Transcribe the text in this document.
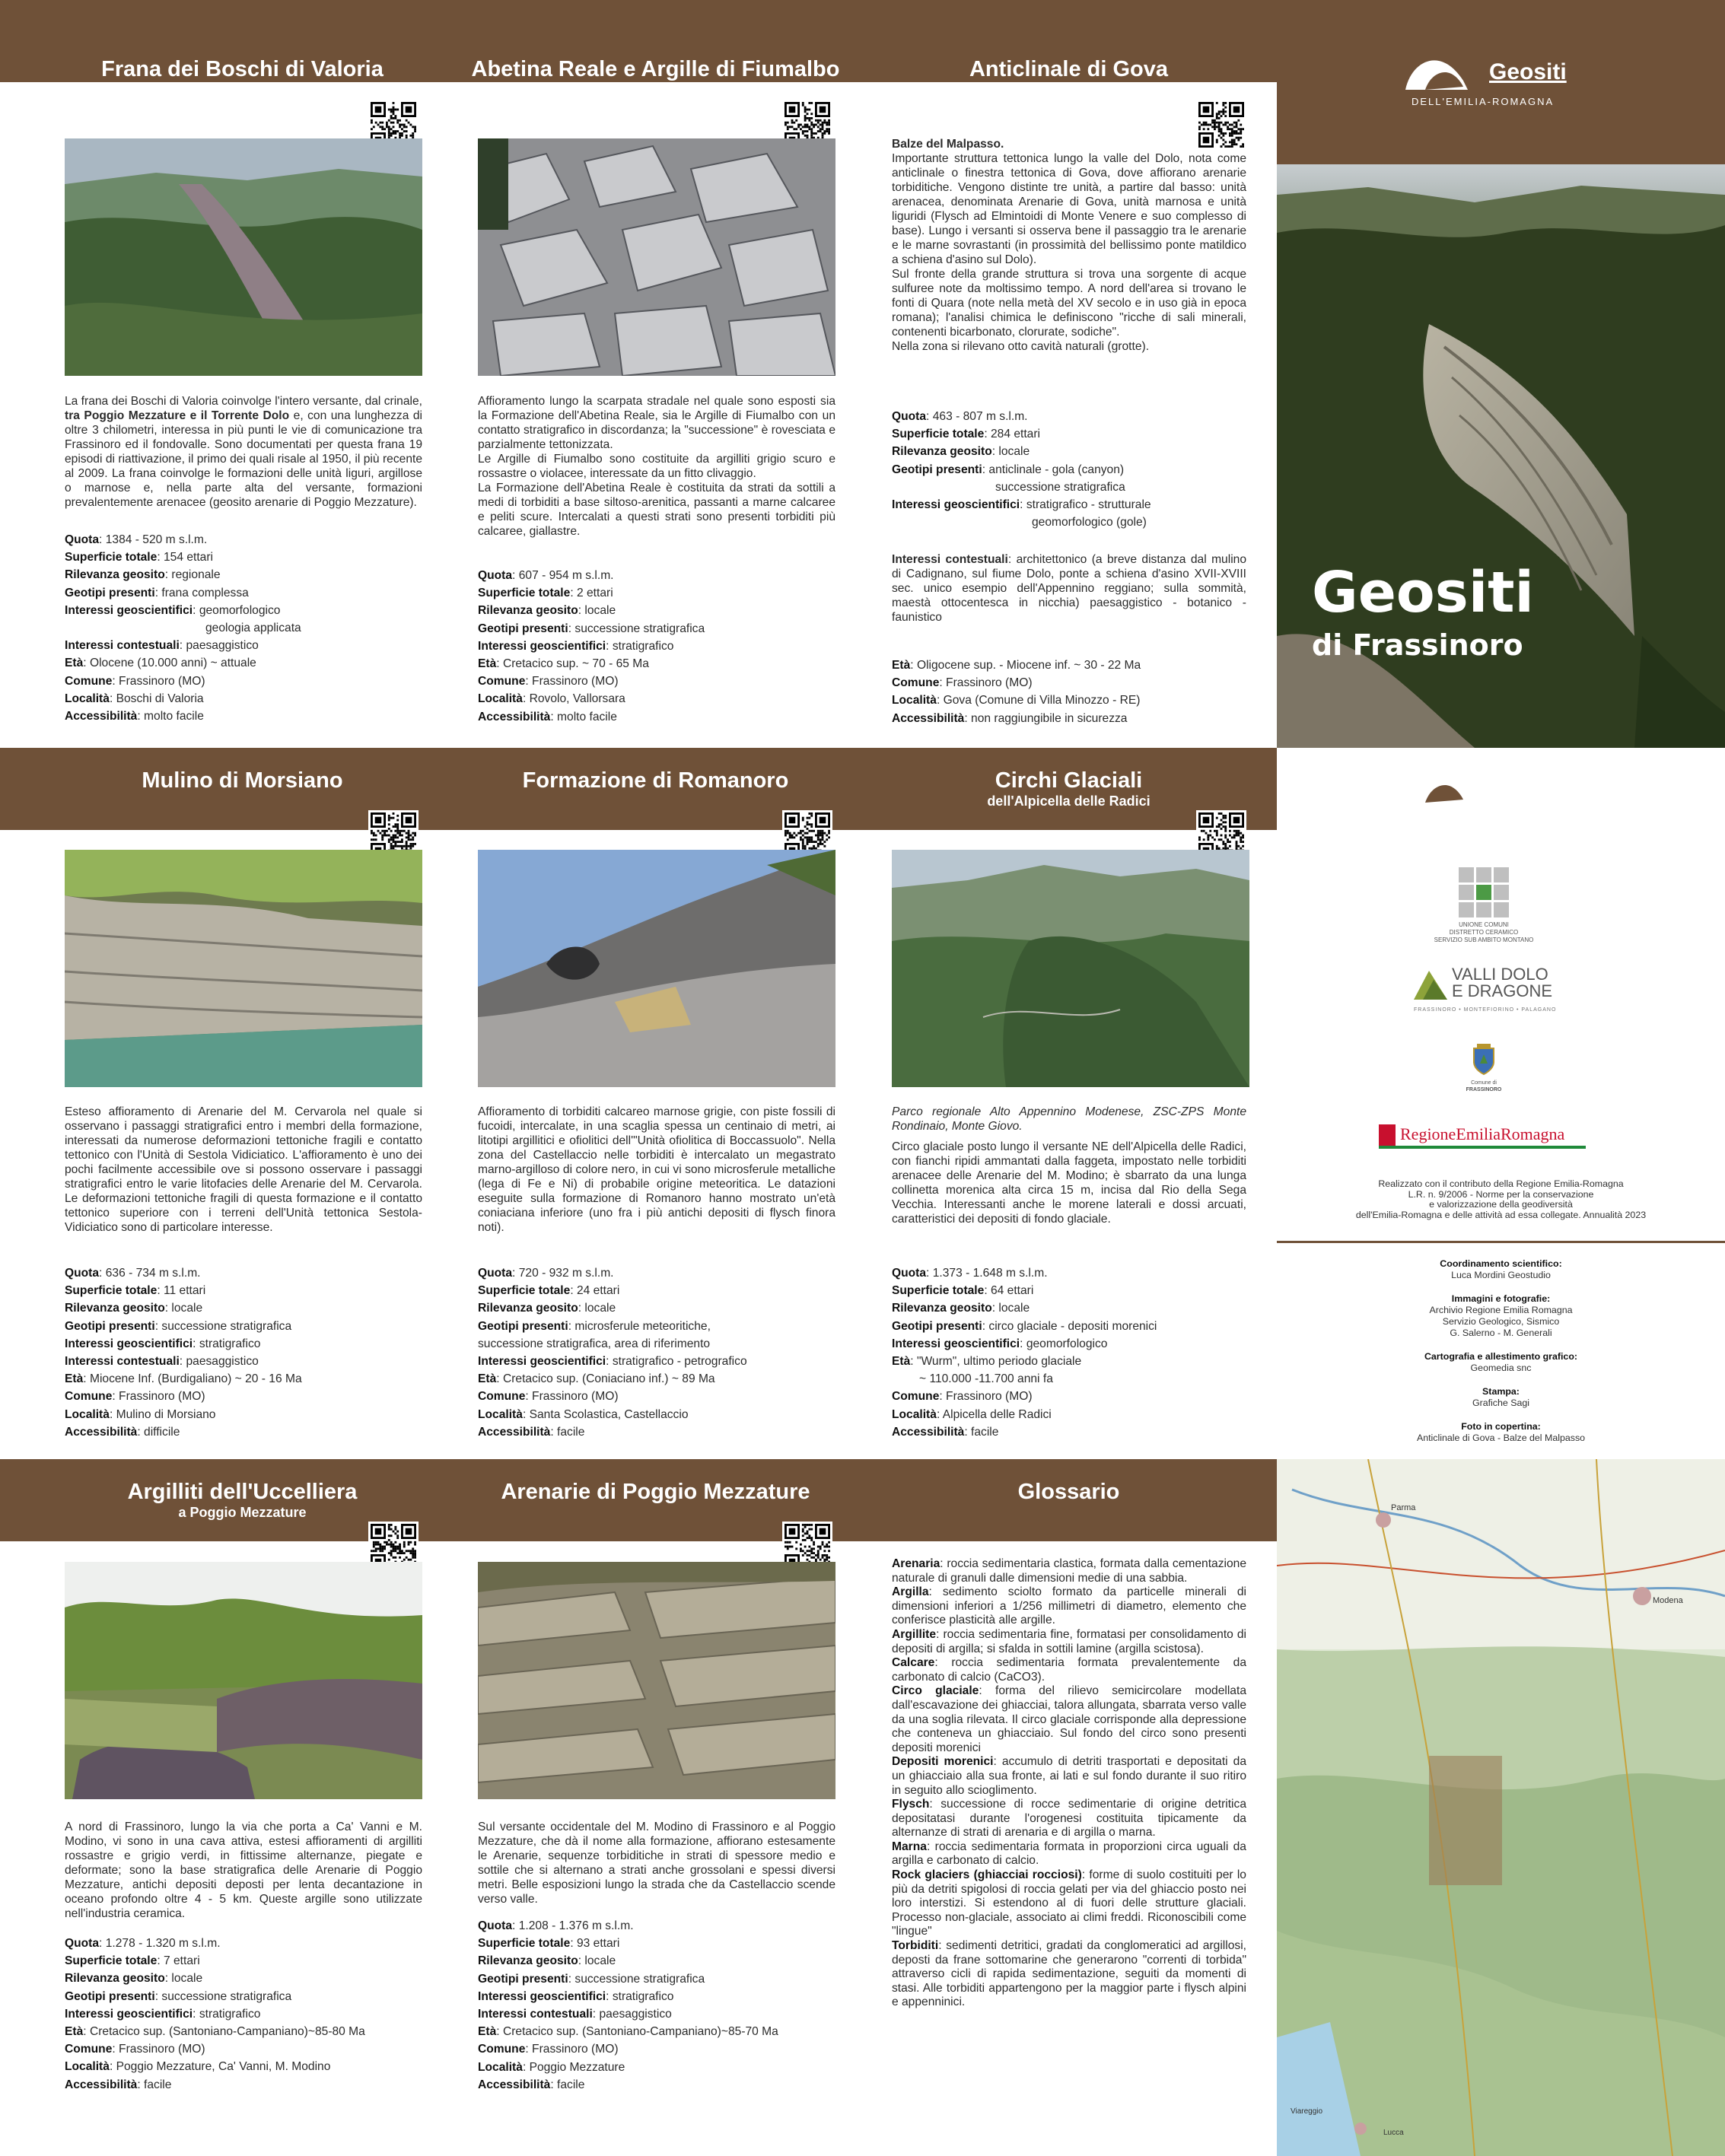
Geositi
DELL'EMILIA-ROMAGNA
Geositi
di Frassinoro
Geositi
DELL'EMILIA-ROMAGNA
UNIONE COMUNI
DISTRETTO CERAMICO
SERVIZIO SUB AMBITO MONTANO
VALLI DOLO
E DRAGONE
FRASSINORO • MONTEFIORINO • PALAGANO
Comune di
FRASSINORO
RegioneEmiliaRomagna
Realizzato con il contributo della Regione Emilia-Romagna
L.R. n. 9/2006 - Norme per la conservazione
e valorizzazione della geodiversità
dell'Emilia-Romagna e delle attività ad essa collegate. Annualità 2023
Coordinamento scientifico:
Luca Mordini Geostudio
Immagini e fotografie:
Archivio Regione Emilia Romagna
Servizio Geologico, Sismico
G. Salerno - M. Generali
Cartografia e allestimento grafico:
Geomedia snc
Stampa:
Grafiche Sagi
Foto in copertina:
Anticlinale di Gova - Balze del Malpasso
Parma
Modena
Viareggio
Lucca
Frana dei Boschi di Valoria	Abetina Reale e Argille di Fiumalbo
Tra Rovolo e Vallorsara
Anticlinale di Gova
Mulino di Morsiano	Formazione di Romanoro	Circhi Glaciali
dell'Alpicella delle Radici
Argilliti dell'Uccelliera
a Poggio Mezzature
Arenarie di Poggio Mezzature	Glossario

La frana dei Boschi di Valoria coinvolge l'intero versante, dal crinale, tra Poggio Mezzature e il Torrente Dolo e, con una lunghezza di oltre 3 chilometri, interessa in più punti le vie di comunicazione tra Frassinoro ed il fondovalle. Sono documentati per questa frana 19 episodi di riattivazione, il primo dei quali risale al 1950, il più recente al 2009. La frana coinvolge le formazioni delle unità liguri, argillose o marnose e, nella parte alta del versante, formazioni prevalentemente arenacee (geosito arenarie di Poggio Mezzature).

Quota: 1384 - 520 m s.l.m.
Superficie totale: 154 ettari
Rilevanza geosito: regionale
Geotipi presenti: frana complessa
Interessi geoscientifici: geomorfologico
geologia applicata
Interessi contestuali: paesaggistico
Età: Olocene (10.000 anni) ~ attuale
Comune: Frassinoro (MO)
Località: Boschi di Valoria
Accessibilità: molto facile

Affioramento lungo la scarpata stradale nel quale sono esposti sia la Formazione dell'Abetina Reale, sia le Argille di Fiumalbo con un contatto stratigrafico in discordanza; la "successione" è rovesciata e parzialmente tettonizzata.

Le Argille di Fiumalbo sono costituite da argilliti grigio scuro e rossastre o violacee, interessate da un fitto clivaggio.

La Formazione dell'Abetina Reale è costituita da strati da sottili a medi di torbiditi a base siltoso-arenitica, passanti a marne calcaree e peliti scure. Intercalati a questi strati sono presenti torbiditi più calcaree, giallastre.

Quota: 607 - 954 m s.l.m.
Superficie totale: 2 ettari
Rilevanza geosito: locale
Geotipi presenti: successione stratigrafica
Interessi geoscientifici: stratigrafico
Età: Cretacico sup. ~ 70 - 65 Ma
Comune: Frassinoro (MO)
Località: Rovolo, Vallorsara
Accessibilità: molto facile

Balze del Malpasso.

Importante struttura tettonica lungo la valle del Dolo, nota come anticlinale o finestra tettonica di Gova, dove affiorano arenarie torbiditiche. Vengono distinte tre unità, a partire dal basso: unità arenacea, denominata Arenarie di Gova, unità marnosa e unità liguridi (Flysch ad Elmintoidi di Monte Venere e suo complesso di base). Lungo i versanti si osserva bene il passaggio tra le arenarie e le marne sovrastanti (in prossimità del bellissimo ponte matildico a schiena d'asino sul Dolo).

Sul fronte della grande struttura si trova una sorgente di acque sulfuree note da moltissimo tempo. A nord dell'area si trovano le fonti di Quara (note nella metà del XV secolo e in uso già in epoca romana); l'analisi chimica le definiscono "ricche di sali minerali, contenenti bicarbonato, clorurate, sodiche".

Nella zona si rilevano otto cavità naturali (grotte).

Quota: 463 - 807 m s.l.m.
Superficie totale: 284 ettari
Rilevanza geosito: locale
Geotipi presenti: anticlinale - gola (canyon)
successione stratigrafica
Interessi geoscientifici: stratigrafico - strutturale
geomorfologico (gole)

Interessi contestuali: architettonico (a breve distanza dal mulino di Cadignano, sul fiume Dolo, ponte a schiena d'asino XVII-XVIII sec. unico esempio dell'Appennino reggiano; sulla sommità, maestà ottocentesca in nicchia) paesaggistico - botanico - faunistico

Età: Oligocene sup. - Miocene inf. ~ 30 - 22 Ma
Comune: Frassinoro (MO)
Località: Gova (Comune di Villa Minozzo - RE)
Accessibilità: non raggiungibile in sicurezza

Esteso affioramento di Arenarie del M. Cervarola nel quale si osservano i passaggi stratigrafici entro i membri della formazione, interessati da numerose deformazioni tettoniche fragili e contatto tettonico con l'Unità di Sestola Vidiciatico. L'affioramento è uno dei pochi facilmente accessibile ove si possono osservare i passaggi stratigrafici entro le varie litofacies delle Arenarie del M. Cervarola. Le deformazioni tettoniche fragili di questa formazione e il contatto tettonico superiore con i terreni dell'Unità tettonica Sestola-Vidiciatico sono di particolare interesse.

Quota: 636 - 734 m s.l.m.
Superficie totale: 11 ettari
Rilevanza geosito: locale
Geotipi presenti: successione stratigrafica
Interessi geoscientifici: stratigrafico
Interessi contestuali: paesaggistico
Età: Miocene Inf. (Burdigaliano) ~ 20 - 16 Ma
Comune: Frassinoro (MO)
Località: Mulino di Morsiano
Accessibilità: difficile

Affioramento di torbiditi calcareo marnose grigie, con piste fossili di fucoidi, intercalate, in una scaglia spessa un centinaio di metri, ai litotipi argillitici e ofiolitici dell'"Unità ofiolitica di Boccassuolo". Nella zona del Castellaccio nelle torbiditi è intercalato un megastrato marno-argilloso di colore nero, in cui vi sono microsferule metalliche (lega di Fe e Ni) di probabile origine meteoritica. Le datazioni eseguite sulla formazione di Romanoro hanno mostrato un'età coniaciana inferiore (uno fra i più antichi depositi di flysch finora noti).

Quota: 720 - 932 m s.l.m.
Superficie totale: 24 ettari
Rilevanza geosito: locale
Geotipi presenti: microsferule meteoritiche,
successione stratigrafica, area di riferimento
Interessi geoscientifici: stratigrafico - petrografico
Età: Cretacico sup. (Coniaciano inf.) ~ 89 Ma
Comune: Frassinoro (MO)
Località: Santa Scolastica, Castellaccio
Accessibilità: facile

Parco regionale Alto Appennino Modenese, ZSC-ZPS Monte Rondinaio, Monte Giovo.

Circo glaciale posto lungo il versante NE dell'Alpicella delle Radici, con fianchi ripidi ammantati dalla faggeta, impostato nelle torbiditi arenacee delle Arenarie del M. Modino; è sbarrato da una lunga collinetta morenica alta circa 15 m, incisa dal Rio della Sega Vecchia. Interessanti anche le morene laterali e dossi arcuati, caratteristici dei depositi di fondo glaciale.

Quota: 1.373 - 1.648 m s.l.m.
Superficie totale: 64 ettari
Rilevanza geosito: locale
Geotipi presenti: circo glaciale - depositi morenici
Interessi geoscientifici: geomorfologico
Età: "Wurm", ultimo periodo glaciale
~ 110.000 -11.700 anni fa
Comune: Frassinoro (MO)
Località: Alpicella delle Radici
Accessibilità: facile

A nord di Frassinoro, lungo la via che porta a Ca' Vanni e M. Modino, vi sono in una cava attiva, estesi affioramenti di argilliti rossastre e grigio verdi, in fittissime alternanze, piegate e deformate; sono la base stratigrafica delle Arenarie di Poggio Mezzature, antichi depositi deposti per lenta decantazione in oceano profondo oltre 4 - 5 km. Queste argille sono utilizzate nell'industria ceramica.

Quota: 1.278 - 1.320 m s.l.m.
Superficie totale: 7 ettari
Rilevanza geosito: locale
Geotipi presenti: successione stratigrafica
Interessi geoscientifici: stratigrafico
Età: Cretacico sup. (Santoniano-Campaniano)~85-80 Ma
Comune: Frassinoro (MO)
Località: Poggio Mezzature, Ca' Vanni, M. Modino
Accessibilità: facile

Sul versante occidentale del M. Modino di Frassinoro e al Poggio Mezzature, che dà il nome alla formazione, affiorano estesamente le Arenarie, sequenze torbiditiche in strati di spessore medio e sottile che si alternano a strati anche grossolani e spessi diversi metri. Belle esposizioni lungo la strada che da Castellaccio scende verso valle.

Quota: 1.208 - 1.376 m s.l.m.
Superficie totale: 93 ettari
Rilevanza geosito: locale
Geotipi presenti: successione stratigrafica
Interessi geoscientifici: stratigrafico
Interessi contestuali: paesaggistico
Età: Cretacico sup. (Santoniano-Campaniano)~85-70 Ma
Comune: Frassinoro (MO)
Località: Poggio Mezzature
Accessibilità: facile

Arenaria: roccia sedimentaria clastica, formata dalla cementazione naturale di granuli dalle dimensioni medie di una sabbia.

Argilla: sedimento sciolto formato da particelle minerali di dimensioni inferiori a 1/256 millimetri di diametro, elemento che conferisce plasticità alle argille.

Argillite: roccia sedimentaria fine, formatasi per consolidamento di depositi di argilla; si sfalda in sottili lamine (argilla scistosa).

Calcare: roccia sedimentaria formata prevalentemente da carbonato di calcio (CaCO3).

Circo glaciale: forma del rilievo semicircolare modellata dall'escavazione dei ghiacciai, talora allungata, sbarrata verso valle da una soglia rilevata. Il circo glaciale corrisponde alla depressione che conteneva un ghiacciaio. Sul fondo del circo sono presenti depositi morenici

Depositi morenici: accumulo di detriti trasportati e depositati da un ghiacciaio alla sua fronte, ai lati e sul fondo durante il suo ritiro in seguito allo scioglimento.

Flysch: successione di rocce sedimentarie di origine detritica depositatasi durante l'orogenesi costituita tipicamente da alternanze di strati di arenaria e di argilla o marna.

Marna: roccia sedimentaria formata in proporzioni circa uguali da argilla e carbonato di calcio.

Rock glaciers (ghiacciai rocciosi): forme di suolo costituiti per lo più da detriti spigolosi di roccia gelati per via del ghiaccio posto nei loro interstizi. Si estendono al di fuori delle strutture glaciali. Processo non-glaciale, associato ai climi freddi. Riconoscibili come "lingue"

Torbiditi: sedimenti detritici, gradati da conglomeratici ad argillosi, deposti da frane sottomarine che generarono "correnti di torbida" attraverso cicli di rapida sedimentazione, seguiti da momenti di stasi. Alle torbiditi appartengono per la maggior parte i flysch alpini e appenninici.
